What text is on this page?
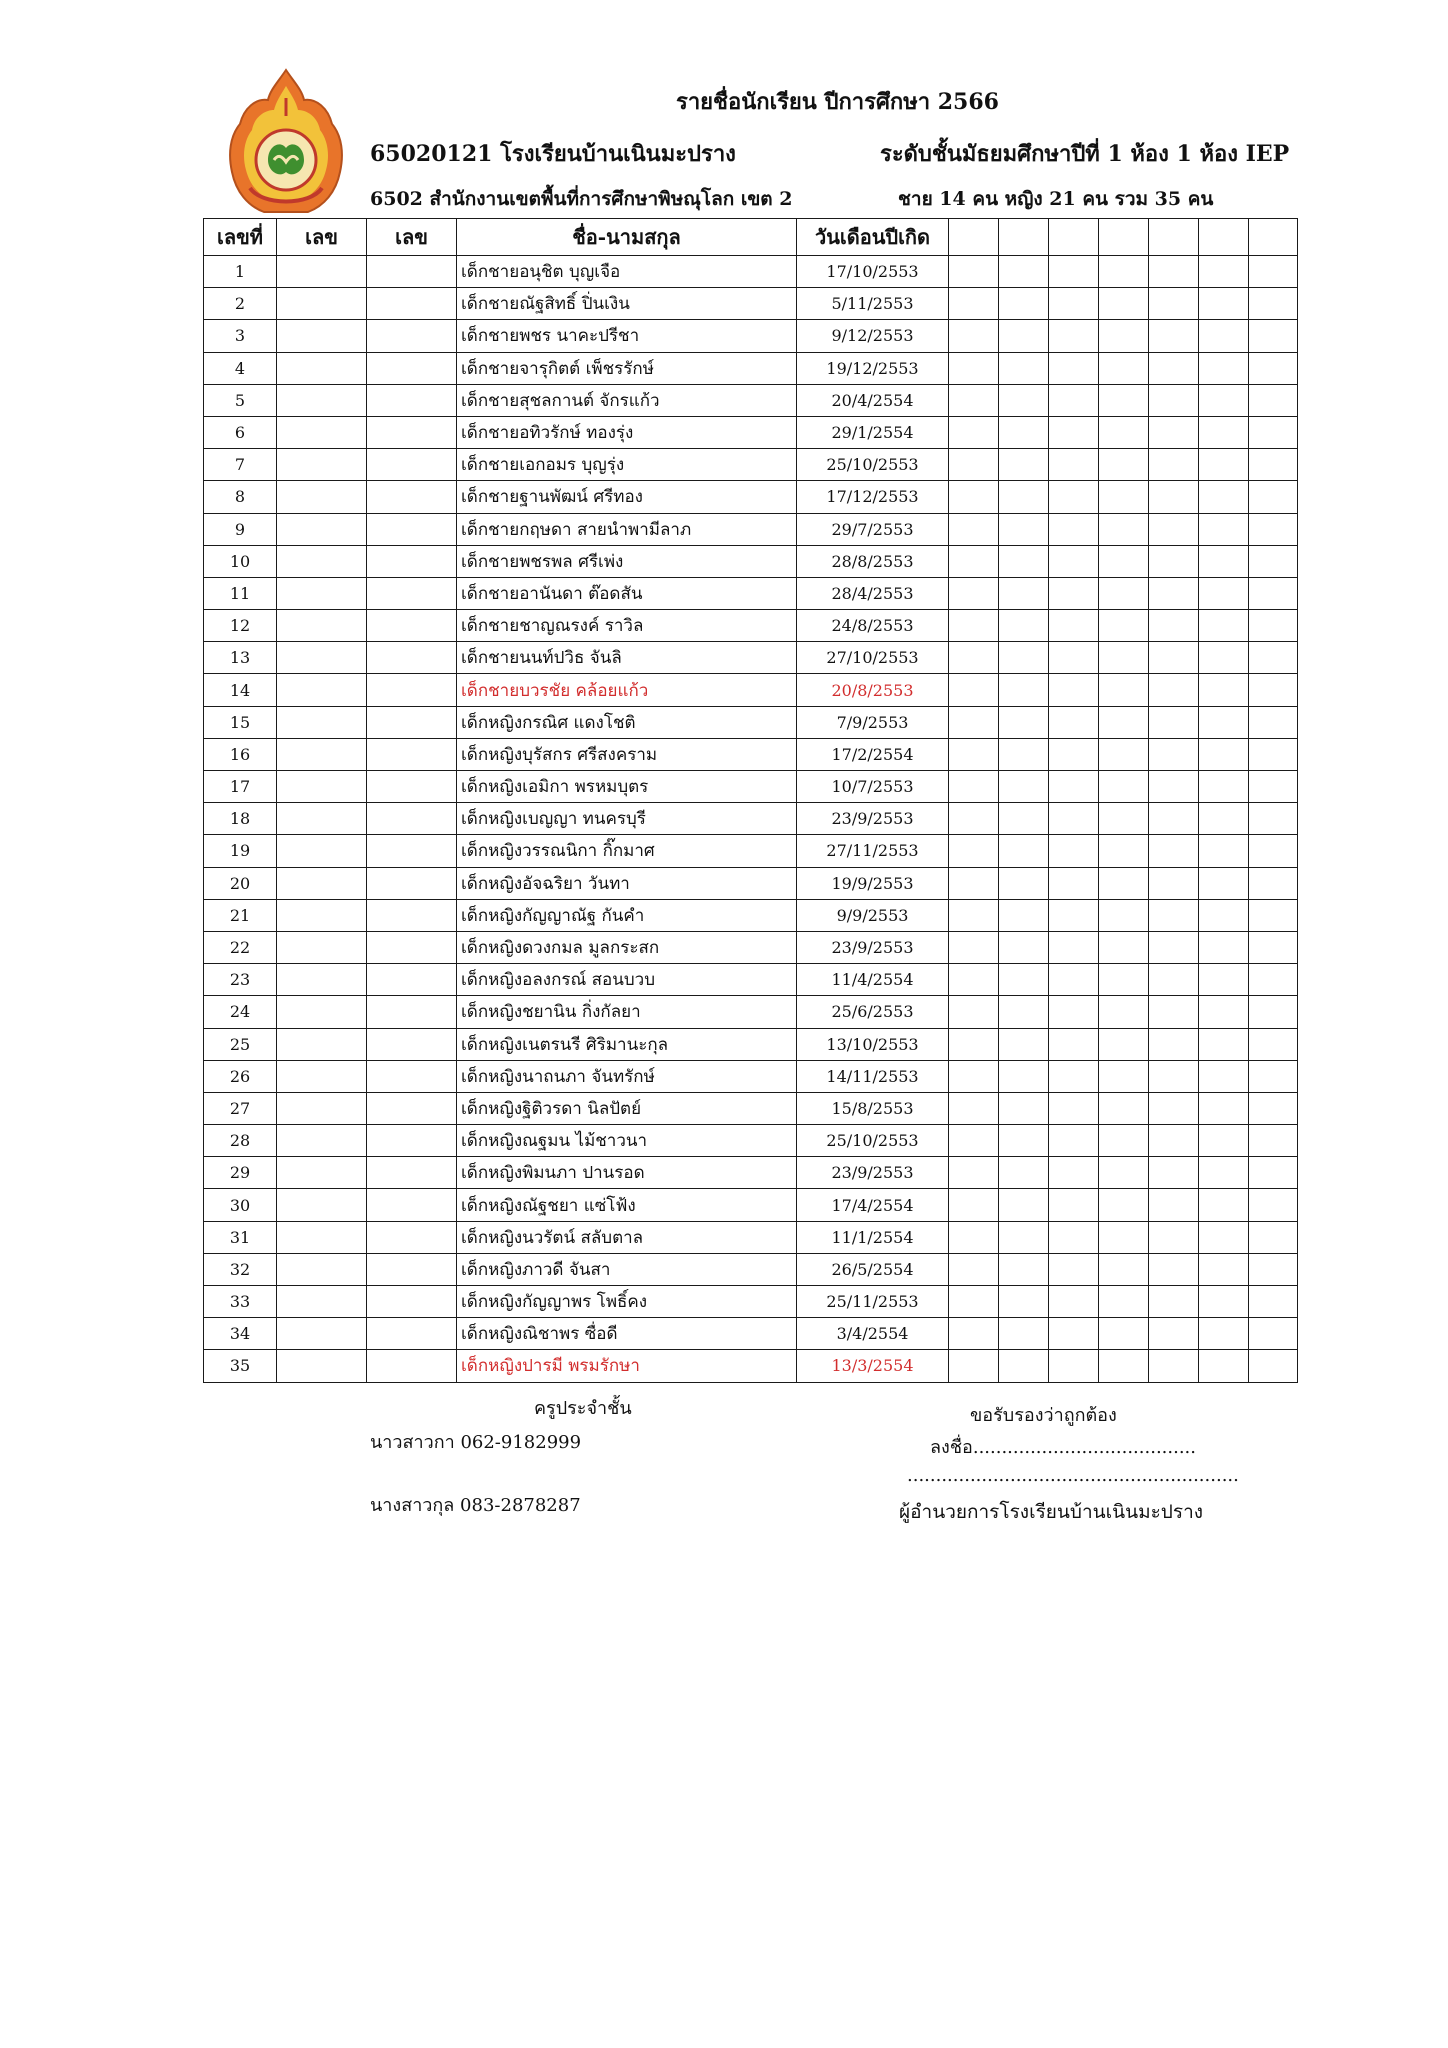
รายชื่อนักเรียน ปีการศึกษา 2566
65020121 โรงเรียนบ้านเนินมะปราง	ระดับชั้นมัธยมศึกษาปีที่ 1 ห้อง 1 ห้อง IEP
6502 สำนักงานเขตพื้นที่การศึกษาพิษณุโลก เขต 2	ชาย 14 คน หญิง 21 คน รวม 35 คน
เลขที่	เลข	เลข	ชื่อ-นามสกุล	วันเดือนปีเกิด							
1			เด็กชายอนุชิต บุญเจือ	17/10/2553							
2			เด็กชายณัฐสิทธิ์ ปิ่นเงิน	5/11/2553							
3			เด็กชายพชร นาคะปรีชา	9/12/2553							
4			เด็กชายจารุกิตต์ เพ็ชรรักษ์	19/12/2553							
5			เด็กชายสุชลกานต์ จักรแก้ว	20/4/2554							
6			เด็กชายอทิวรักษ์ ทองรุ่ง	29/1/2554							
7			เด็กชายเอกอมร บุญรุ่ง	25/10/2553							
8			เด็กชายฐานพัฒน์ ศรีทอง	17/12/2553							
9			เด็กชายกฤษดา สายนำพามีลาภ	29/7/2553							
10			เด็กชายพชรพล ศรีเพ่ง	28/8/2553							
11			เด็กชายอานันดา ต๊อดสัน	28/4/2553							
12			เด็กชายชาญณรงค์ ราวิล	24/8/2553							
13			เด็กชายนนท์ปวิธ จันลิ	27/10/2553							
14			เด็กชายบวรชัย คล้อยแก้ว	20/8/2553							
15			เด็กหญิงกรณิศ แดงโชติ	7/9/2553							
16			เด็กหญิงบุรัสกร ศรีสงคราม	17/2/2554							
17			เด็กหญิงเอมิกา พรหมบุตร	10/7/2553							
18			เด็กหญิงเบญญา ทนครบุรี	23/9/2553							
19			เด็กหญิงวรรณนิกา กิ๊กมาศ	27/11/2553							
20			เด็กหญิงอัจฉริยา วันทา	19/9/2553							
21			เด็กหญิงกัญญาณัฐ กันคำ	9/9/2553							
22			เด็กหญิงดวงกมล มูลกระสก	23/9/2553							
23			เด็กหญิงอลงกรณ์ สอนบวบ	11/4/2554							
24			เด็กหญิงชยานิน กิ่งกัลยา	25/6/2553							
25			เด็กหญิงเนตรนรี ศิริมานะกุล	13/10/2553							
26			เด็กหญิงนาถนภา จันทรักษ์	14/11/2553							
27			เด็กหญิงฐิติวรดา นิลปัตย์	15/8/2553							
28			เด็กหญิงณฐมน ไม้ชาวนา	25/10/2553							
29			เด็กหญิงพิมนภา ปานรอด	23/9/2553							
30			เด็กหญิงณัฐชยา แซ่โฟ้ง	17/4/2554							
31			เด็กหญิงนวรัตน์ สลับตาล	11/1/2554							
32			เด็กหญิงภาวดี จันสา	26/5/2554							
33			เด็กหญิงกัญญาพร โพธิ์คง	25/11/2553							
34			เด็กหญิงณิชาพร ซื่อดี	3/4/2554							
35			เด็กหญิงปารมี พรมรักษา	13/3/2554							
ครูประจำชั้น
นาวสาวกา 062-9182999
นางสาวกุล 083-2878287
ขอรับรองว่าถูกต้อง
ลงชื่อ.......................................
..........................................................
ผู้อำนวยการโรงเรียนบ้านเนินมะปราง
